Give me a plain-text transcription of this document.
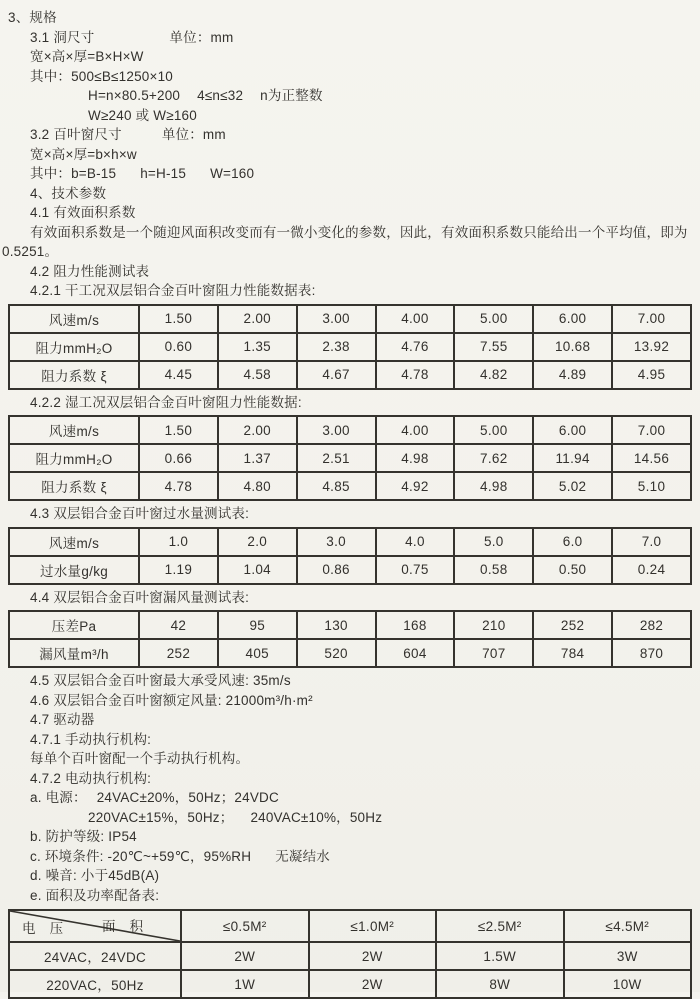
3、规格
3.1 洞尺寸	单位：mm
宽×高×厚=B×H×W
其中：500≤B≤1250×10
H=n×80.5+200 4≤n≤32 n为正整数
W≥240 或 W≥160
3.2 百叶窗尺寸	单位：mm
宽×高×厚=b×h×w
其中：b=B-15 h=H-15 W=160
4、技术参数
4.1 有效面积系数
有效面积系数是一个随迎风面积改变而有一微小变化的参数，因此，有效面积系数只能给出一个平均值，即为
0.5251。
4.2 阻力性能测试表
4.2.1 干工况双层铝合金百叶窗阻力性能数据表:
风速m/s	1.50	2.00	3.00	4.00	5.00	6.00	7.00
阻力mmH₂O	0.60	1.35	2.38	4.76	7.55	10.68	13.92
阻力系数 ξ	4.45	4.58	4.67	4.78	4.82	4.89	4.95
4.2.2 湿工况双层铝合金百叶窗阻力性能数据:
风速m/s	1.50	2.00	3.00	4.00	5.00	6.00	7.00
阻力mmH₂O	0.66	1.37	2.51	4.98	7.62	11.94	14.56
阻力系数 ξ	4.78	4.80	4.85	4.92	4.98	5.02	5.10
4.3 双层铝合金百叶窗过水量测试表:
风速m/s	1.0	2.0	3.0	4.0	5.0	6.0	7.0
过水量g/kg	1.19	1.04	0.86	0.75	0.58	0.50	0.24
4.4 双层铝合金百叶窗漏风量测试表:
压差Pa	42	95	130	168	210	252	282
漏风量m³/h	252	405	520	604	707	784	870
4.5 双层铝合金百叶窗最大承受风速: 35m/s
4.6 双层铝合金百叶窗额定风量: 21000m³/h·m²
4.7 驱动器
4.7.1 手动执行机构:
每单个百叶窗配一个手动执行机构。
4.7.2 电动执行机构:
a. 电源： 24VAC±20%，50Hz；24VDC
220VAC±15%，50Hz； 240VAC±10%，50Hz
b. 防护等级: IP54
c. 环境条件: -20℃~+59℃，95%RH 无凝结水
d. 噪音: 小于45dB(A)
e. 面积及功率配备表:
面　积
电　压	≤0.5M²	≤1.0M²	≤2.5M²	≤4.5M²
24VAC，24VDC	2W	2W	1.5W	3W
220VAC，50Hz	1W	2W	8W	10W
